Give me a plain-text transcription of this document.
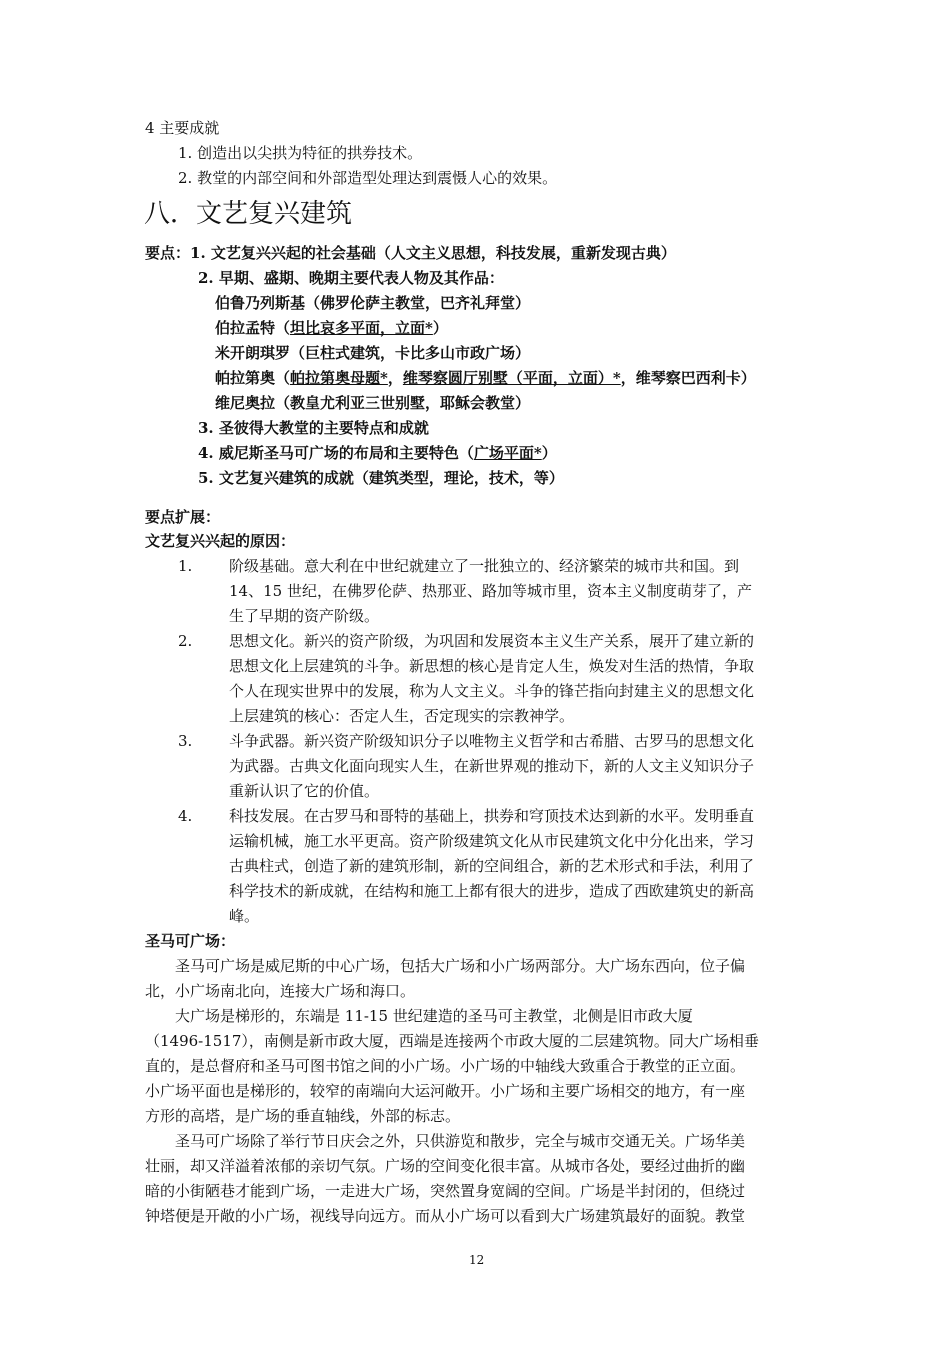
4 主要成就
1. 创造出以尖拱为特征的拱券技术。
2. 教堂的内部空间和外部造型处理达到震慑人心的效果。
八．文艺复兴建筑
要点：1. 文艺复兴兴起的社会基础（人文主义思想，科技发展，重新发现古典）
2. 早期、盛期、晚期主要代表人物及其作品：
伯鲁乃列斯基（佛罗伦萨主教堂，巴齐礼拜堂）
伯拉孟特（坦比哀多平面，立面*）
米开朗琪罗（巨柱式建筑，卡比多山市政广场）
帕拉第奥（帕拉第奥母题*，维琴察圆厅别墅（平面，立面）*，维琴察巴西利卡）
维尼奥拉（教皇尤利亚三世别墅，耶稣会教堂）
3. 圣彼得大教堂的主要特点和成就
4. 威尼斯圣马可广场的布局和主要特色（广场平面*）
5. 文艺复兴建筑的成就（建筑类型，理论，技术，等）
要点扩展：
文艺复兴兴起的原因：
1. 阶级基础。意大利在中世纪就建立了一批独立的、经济繁荣的城市共和国。到
14、15 世纪，在佛罗伦萨、热那亚、路加等城市里，资本主义制度萌芽了，产
生了早期的资产阶级。
2. 思想文化。新兴的资产阶级，为巩固和发展资本主义生产关系，展开了建立新的
思想文化上层建筑的斗争。新思想的核心是肯定人生，焕发对生活的热情，争取
个人在现实世界中的发展，称为人文主义。斗争的锋芒指向封建主义的思想文化
上层建筑的核心：否定人生，否定现实的宗教神学。
3. 斗争武器。新兴资产阶级知识分子以唯物主义哲学和古希腊、古罗马的思想文化
为武器。古典文化面向现实人生，在新世界观的推动下，新的人文主义知识分子
重新认识了它的价值。
4. 科技发展。在古罗马和哥特的基础上，拱券和穹顶技术达到新的水平。发明垂直
运输机械，施工水平更高。资产阶级建筑文化从市民建筑文化中分化出来，学习
古典柱式，创造了新的建筑形制，新的空间组合，新的艺术形式和手法，利用了
科学技术的新成就，在结构和施工上都有很大的进步，造成了西欧建筑史的新高
峰。
圣马可广场：
　　圣马可广场是威尼斯的中心广场，包括大广场和小广场两部分。大广场东西向，位子偏
北，小广场南北向，连接大广场和海口。
　　大广场是梯形的，东端是 11-15 世纪建造的圣马可主教堂，北侧是旧市政大厦
（1496-1517），南侧是新市政大厦，西端是连接两个市政大厦的二层建筑物。同大广场相垂
直的，是总督府和圣马可图书馆之间的小广场。小广场的中轴线大致重合于教堂的正立面。
小广场平面也是梯形的，较窄的南端向大运河敞开。小广场和主要广场相交的地方，有一座
方形的高塔，是广场的垂直轴线，外部的标志。
　　圣马可广场除了举行节日庆会之外，只供游览和散步，完全与城市交通无关。广场华美
壮丽，却又洋溢着浓郁的亲切气氛。广场的空间变化很丰富。从城市各处，要经过曲折的幽
暗的小街陋巷才能到广场，一走进大广场，突然置身宽阔的空间。广场是半封闭的，但绕过
钟塔便是开敞的小广场，视线导向远方。而从小广场可以看到大广场建筑最好的面貌。教堂
12
